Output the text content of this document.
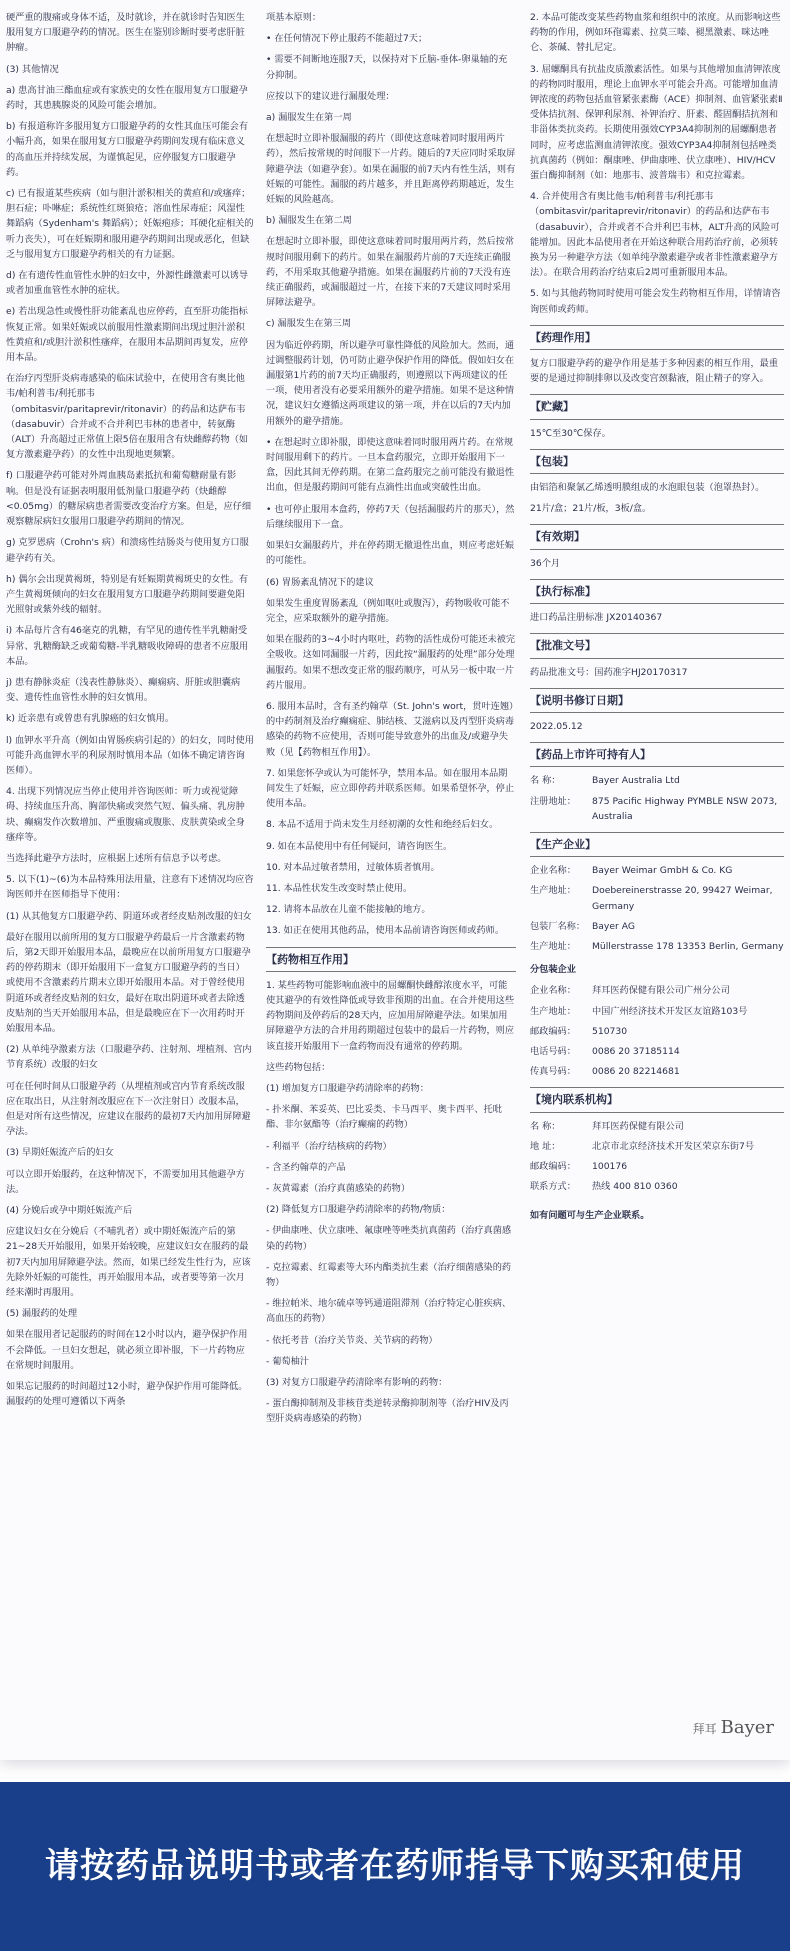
硬严重的腹痛或身体不适，及时就诊，并在就诊时告知医生服用复方口服避孕药的情况。医生在鉴别诊断时要考虑肝脏肿瘤。

(3) 其他情况

a) 患高甘油三酯血症或有家族史的女性在服用复方口服避孕药时，其患胰腺炎的风险可能会增加。

b) 有报道称许多服用复方口服避孕药的女性其血压可能会有小幅升高，如果在服用复方口服避孕药期间发现有临床意义的高血压并持续发展，为谨慎起见，应停服复方口服避孕药。

c) 已有报道某些疾病（如与胆汁淤积相关的黄疸和/或瘙痒；胆石症；卟啉症；系统性红斑狼疮；溶血性尿毒症；风湿性舞蹈病（Sydenham's 舞蹈病）；妊娠疱疹；耳硬化症相关的听力丧失），可在妊娠期和服用避孕药期间出现或恶化，但缺乏与服用复方口服避孕药相关的有力证据。

d) 在有遗传性血管性水肿的妇女中，外源性雌激素可以诱导或者加重血管性水肿的症状。

e) 若出现急性或慢性肝功能紊乱也应停药，直至肝功能指标恢复正常。如果妊娠或以前服用性激素期间出现过胆汁淤积性黄疸和/或胆汁淤积性瘙痒，在服用本品期间再复发，应停用本品。

在治疗丙型肝炎病毒感染的临床试验中，在使用含有奥比他韦/帕利普韦/利托那韦（ombitasvir/paritaprevir/ritonavir）的药品和达萨布韦（dasabuvir）合并或不合并利巴韦林的患者中，转氨酶（ALT）升高超过正常值上限5倍在服用含有炔雌醇药物（如复方激素避孕药）的女性中出现地更频繁。

f) 口服避孕药可能对外周血胰岛素抵抗和葡萄糖耐量有影响。但是没有证据表明服用低剂量口服避孕药（炔雌醇<0.05mg）的糖尿病患者需要改变治疗方案。但是，应仔细观察糖尿病妇女服用口服避孕药期间的情况。

g) 克罗恩病（Crohn's 病）和溃疡性结肠炎与使用复方口服避孕药有关。

h) 偶尔会出现黄褐斑，特别是有妊娠期黄褐斑史的女性。有产生黄褐斑倾向的妇女在服用复方口服避孕药期间要避免阳光照射或紫外线的辐射。

i) 本品每片含有46毫克的乳糖，有罕见的遗传性半乳糖耐受异常、乳糖酶缺乏或葡萄糖-半乳糖吸收障碍的患者不应服用本品。

j) 患有静脉炎症（浅表性静脉炎）、癫痫病、肝脏或胆囊病变、遗传性血管性水肿的妇女慎用。

k) 近亲患有或曾患有乳腺癌的妇女慎用。

l) 血钾水平升高（例如由胃肠疾病引起的）的妇女，同时使用可能升高血钾水平的利尿剂时慎用本品（如体不确定请咨询医师）。

4. 出现下列情况应当停止使用并咨询医师：听力或视觉障碍、持续血压升高、胸部快痛或突然气短、偏头痛、乳房肿块、癫痫发作次数增加、严重腹痛或腹胀、皮肤黄染或全身瘙痒等。

当选择此避孕方法时，应根据上述所有信息予以考虑。

5. 以下(1)~(6)为本品特殊用法用量，注意有下述情况均应咨询医师并在医师指导下使用：

(1) 从其他复方口服避孕药、阴道环或者经皮贴剂改服的妇女

最好在服用以前所用的复方口服避孕药最后一片含激素药物后，第2天即开始服用本品，最晚应在以前所用复方口服避孕药的停药期末（即开始服用下一盒复方口服避孕药的当日）或使用不含激素药片期末立即开始服用本品。对于曾经使用阴道环或者经皮贴剂的妇女，最好在取出阴道环或者去除透皮贴剂的当天开始服用本品，但是最晚应在下一次用药时开始服用本品。

(2) 从单纯孕激素方法（口服避孕药、注射剂、埋植剂、宫内节育系统）改服的妇女

可在任何时间从口服避孕药（从埋植剂或宫内节育系统改服应在取出日，从注射剂改服应在下一次注射日）改服本品，但是对所有这些情况，应建议在服药的最初7天内加用屏障避孕法。

(3) 早期妊娠流产后的妇女

可以立即开始服药，在这种情况下，不需要加用其他避孕方法。

(4) 分娩后或孕中期妊娠流产后

应建议妇女在分娩后（不哺乳者）或中期妊娠流产后的第21~28天开始服用，如果开始较晚，应建议妇女在服药的最初7天内加用屏障避孕法。然而，如果已经发生性行为，应该先除外妊娠的可能性，再开始服用本品，或者要等第一次月经来潮时再服用。

(5) 漏服药的处理

如果在服用者记起服药的时间在12小时以内，避孕保护作用不会降低。一旦妇女想起，就必须立即补服，下一片药物应在常规时间服用。

如果忘记服药的时间超过12小时，避孕保护作用可能降低。漏服药的处理可遵循以下两条

项基本原则：

• 在任何情况下停止服药不能超过7天；

• 需要不间断地连服7天，以保持对下丘脑-垂体-卵巢轴的充分抑制。

应按以下的建议进行漏服处理：

a) 漏服发生在第一周

在想起时立即补服漏服的药片（即使这意味着同时服用两片药），然后按常规的时间服下一片药。随后的7天应同时采取屏障避孕法（如避孕套）。如果在漏服的前7天内有性生活，则有妊娠的可能性。漏服的药片越多，并且距离停药期越近，发生妊娠的风险越高。

b) 漏服发生在第二周

在想起时立即补服，即使这意味着同时服用两片药，然后按常规时间服用剩下的药片。如果在漏服药片前的7天连续正确服药，不用采取其他避孕措施。如果在漏服药片前的7天没有连续正确服药，或漏服超过一片，在接下来的7天建议同时采用屏障法避孕。

c) 漏服发生在第三周

因为临近停药期，所以避孕可靠性降低的风险加大。然而，通过调整服药计划，仍可防止避孕保护作用的降低。假如妇女在漏服第1片药的前7天均正确服药，则遵照以下两项建议的任一项，使用者没有必要采用额外的避孕措施。如果不是这种情况，建议妇女遵循这两项建议的第一项，并在以后的7天内加用额外的避孕措施。

• 在想起时立即补服，即使这意味着同时服用两片药。在常规时间服用剩下的药片。一旦本盒药服完，立即开始服用下一盒，因此其间无停药期。在第二盒药服完之前可能没有撤退性出血，但是服药期间可能有点滴性出血或突破性出血。

• 也可停止服用本盒药，停药7天（包括漏服药片的那天），然后继续服用下一盒。

如果妇女漏服药片，并在停药期无撤退性出血，则应考虑妊娠的可能性。

(6) 胃肠紊乱情况下的建议

如果发生重度胃肠紊乱（例如呕吐或腹泻），药物吸收可能不完全，应采取额外的避孕措施。

如果在服药的3~4小时内呕吐，药物的活性成份可能还未被完全吸收。这如同漏服一片药，因此按“漏服药的处理”部分处理漏服药。如果不想改变正常的服药顺序，可从另一板中取一片药片服用。

6. 服用本品时，含有圣约翰草（St. John's wort，贯叶连翘）的中药制剂及治疗癫痫症、肺结核、艾滋病以及丙型肝炎病毒感染的药物不应使用，否则可能导致意外的出血及/或避孕失败（见【药物相互作用】）。

7. 如果您怀孕或认为可能怀孕，禁用本品。如在服用本品期间发生了妊娠，应立即停药并联系医师。如果希望怀孕，停止使用本品。

8. 本品不适用于尚未发生月经初潮的女性和绝经后妇女。

9. 如在本品使用中有任何疑问，请咨询医生。

10. 对本品过敏者禁用，过敏体质者慎用。

11. 本品性状发生改变时禁止使用。

12. 请将本品放在儿童不能接触的地方。

13. 如正在使用其他药品，使用本品前请咨询医师或药师。

【药物相互作用】

1. 某些药物可能影响血液中的屈螺酮快雌醇浓度水平，可能使其避孕的有效性降低或导致非预期的出血。在合并使用这些药物期间及停药后的28天内，应加用屏障避孕法。如果加用屏障避孕方法的合并用药期超过包装中的最后一片药物，则应该直接开始服用下一盒药物而没有通常的停药期。

这些药物包括：

(1) 增加复方口服避孕药清除率的药物：

- 扑米酮、苯妥英、巴比妥类、卡马西平、奥卡西平、托吡酯、非尔氨酯等（治疗癫痫的药物）

- 利福平（治疗结核病的药物）

- 含圣约翰草的产品

- 灰黄霉素（治疗真菌感染的药物）

(2) 降低复方口服避孕药清除率的药物/物质：

- 伊曲康唑、伏立康唑、氟康唑等唑类抗真菌药（治疗真菌感染的药物）

- 克拉霉素、红霉素等大环内酯类抗生素（治疗细菌感染的药物）

- 维拉帕米、地尔硫卓等钙通道阻滞剂（治疗特定心脏疾病、高血压的药物）

- 依托考昔（治疗关节炎、关节病的药物）

- 葡萄柚汁

(3) 对复方口服避孕药清除率有影响的药物：

- 蛋白酶抑制剂及非核苷类逆转录酶抑制剂等（治疗HIV及丙型肝炎病毒感染的药物）

2. 本品可能改变某些药物血浆和组织中的浓度。从而影响这些药物的作用，例如环孢霉素、拉莫三嗪、褪黑激素、咪达唑仑、茶碱、替扎尼定。

3. 屈螺酮具有抗盐皮质激素活性。如果与其他增加血清钾浓度的药物同时服用，理论上血钾水平可能会升高。可能增加血清钾浓度的药物包括血管紧张素酶（ACE）抑制剂、血管紧张素Ⅱ受体拮抗剂、保钾利尿剂、补钾治疗、肝素、醛固酮拮抗剂和非甾体类抗炎药。长期使用强效CYP3A4抑制剂的屈螺酮患者同时，应考虑监测血清钾浓度。强效CYP3A4抑制剂包括唑类抗真菌药（例如：酮康唑、伊曲康唑、伏立康唑）、HIV/HCV蛋白酶抑制剂（如：地那韦、波普瑞韦）和克拉霉素。

4. 合并使用含有奥比他韦/帕利普韦/利托那韦（ombitasvir/paritaprevir/ritonavir）的药品和达萨布韦（dasabuvir），合并或者不合并利巴韦林，ALT升高的风险可能增加。因此本品使用者在开始这种联合用药治疗前，必须转换为另一种避孕方法（如单纯孕激素避孕或者非性激素避孕方法）。在联合用药治疗结束后2周可重新服用本品。

5. 如与其他药物同时使用可能会发生药物相互作用，详情请咨询医师或药师。

【药理作用】

复方口服避孕药的避孕作用是基于多种因素的相互作用，最重要的是通过抑制排卵以及改变宫颈黏液，阻止精子的穿入。

【贮藏】

15℃至30℃保存。

【包装】

由铝箔和聚氯乙烯透明膜组成的水泡眼包装（泡罩热封）。

21片/盒；21片/板，3板/盒。

【有效期】

36个月

【执行标准】

进口药品注册标准 JX20140367

【批准文号】

药品批准文号：国药准字HJ20170317

【说明书修订日期】

2022.05.12

【药品上市许可持有人】
名 称：	Bayer Australia Ltd
注册地址：	875 Pacific Highway PYMBLE NSW 2073, Australia
【生产企业】
企业名称：	Bayer Weimar GmbH & Co. KG
生产地址：	Doebereinerstrasse 20, 99427 Weimar, Germany
包装厂名称： Bayer AG
生产地址：	Müllerstrasse 178 13353 Berlin, Germany

分包装企业

企业名称：	拜耳医药保健有限公司广州分公司
生产地址：	中国广州经济技术开发区友谊路103号
邮政编码：	510730
电话号码：	0086 20 37185114
传真号码：	0086 20 82214681
【境内联系机构】
名 称：	拜耳医药保健有限公司
地 址：	北京市北京经济技术开发区荣京东街7号
邮政编码：	100176
联系方式：	热线 400 810 0360

如有问题可与生产企业联系。

拜耳 Bayer
请按药品说明书或者在药师指导下购买和使用
